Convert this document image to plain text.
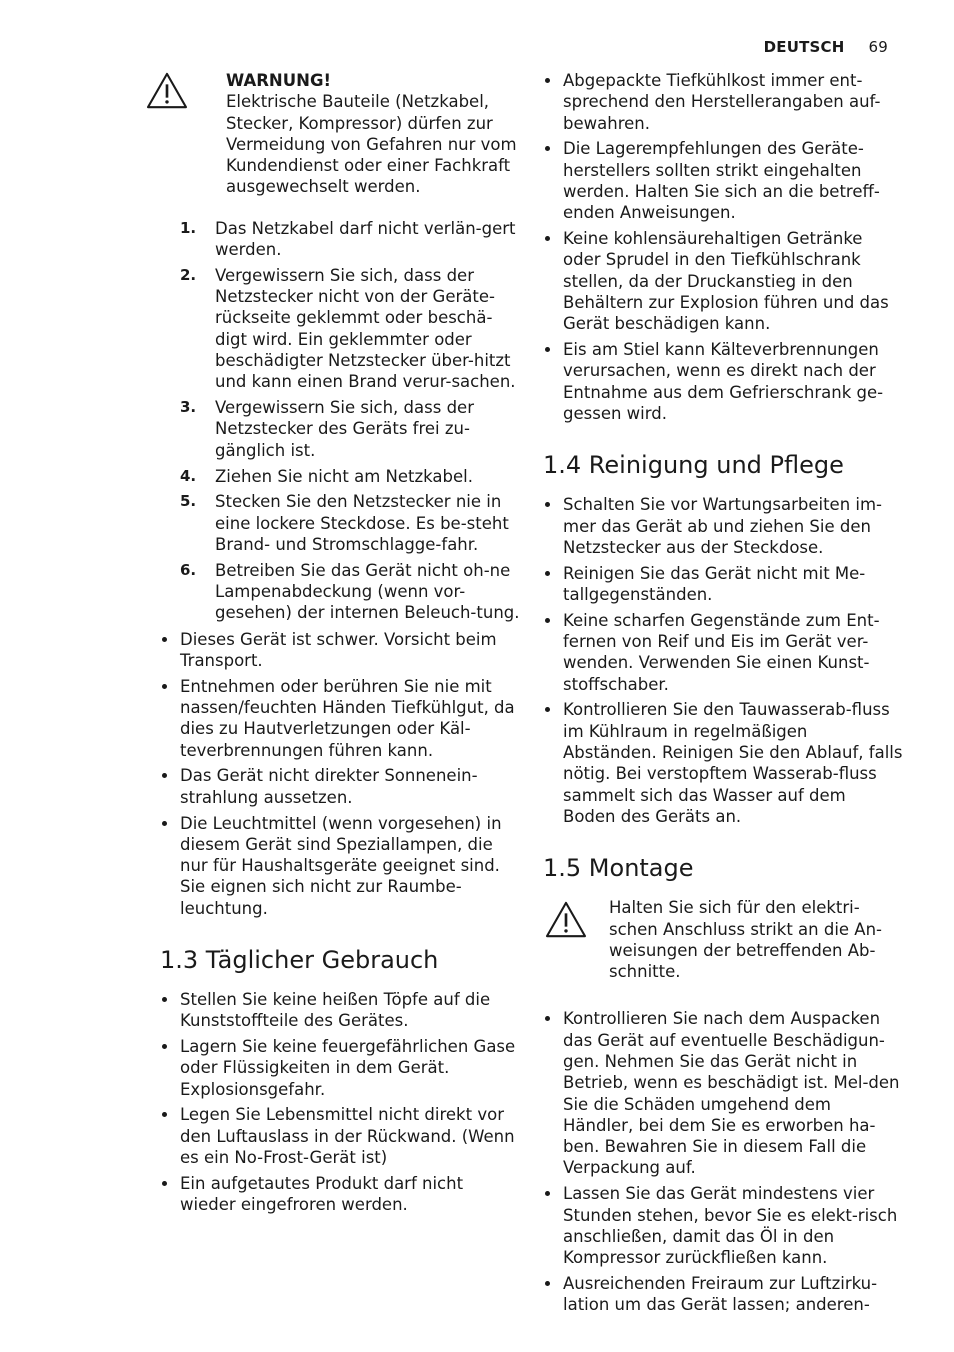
DEUTSCH 69
WARNUNG!
Elektrische Bauteile (Netzkabel, Stecker, Kompressor) dürfen zur Vermeidung von Gefahren nur vom Kundendienst oder einer Fachkraft ausgewechselt werden.
1. Das Netzkabel darf nicht verlän-gert werden.
2. Vergewissern Sie sich, dass der Netzstecker nicht von der Geräte-rückseite geklemmt oder beschä-digt wird. Ein geklemmter oder beschädigter Netzstecker über-hitzt und kann einen Brand verur-sachen.
3. Vergewissern Sie sich, dass der Netzstecker des Geräts frei zu-gänglich ist.
4. Ziehen Sie nicht am Netzkabel.
5. Stecken Sie den Netzstecker nie in eine lockere Steckdose. Es be-steht Brand- und Stromschlagge-fahr.
6. Betreiben Sie das Gerät nicht oh-ne Lampenabdeckung (wenn vor-gesehen) der internen Beleuch-tung.
Dieses Gerät ist schwer. Vorsicht beim Transport.
Entnehmen oder berühren Sie nie mit nassen/feuchten Händen Tiefkühlgut, da dies zu Hautverletzungen oder Käl-teverbrennungen führen kann.
Das Gerät nicht direkter Sonnenein-strahlung aussetzen.
Die Leuchtmittel (wenn vorgesehen) in diesem Gerät sind Speziallampen, die nur für Haushaltsgeräte geeignet sind. Sie eignen sich nicht zur Raumbe-leuchtung.
1.3 Täglicher Gebrauch
Stellen Sie keine heißen Töpfe auf die Kunststoffteile des Gerätes.
Lagern Sie keine feuergefährlichen Gase oder Flüssigkeiten in dem Gerät. Explosionsgefahr.
Legen Sie Lebensmittel nicht direkt vor den Luftauslass in der Rückwand. (Wenn es ein No-Frost-Gerät ist)
Ein aufgetautes Produkt darf nicht wieder eingefroren werden.
Abgepackte Tiefkühlkost immer ent-sprechend den Herstellerangaben auf-bewahren.
Die Lagerempfehlungen des Geräte-herstellers sollten strikt eingehalten werden. Halten Sie sich an die betreff-enden Anweisungen.
Keine kohlensäurehaltigen Getränke oder Sprudel in den Tiefkühlschrank stellen, da der Druckanstieg in den Behältern zur Explosion führen und das Gerät beschädigen kann.
Eis am Stiel kann Kälteverbrennungen verursachen, wenn es direkt nach der Entnahme aus dem Gefrierschrank ge-gessen wird.
1.4 Reinigung und Pflege
Schalten Sie vor Wartungsarbeiten im-mer das Gerät ab und ziehen Sie den Netzstecker aus der Steckdose.
Reinigen Sie das Gerät nicht mit Me-tallgegenständen.
Keine scharfen Gegenstände zum Ent-fernen von Reif und Eis im Gerät ver-wenden. Verwenden Sie einen Kunst-stoffschaber.
Kontrollieren Sie den Tauwasserab-fluss im Kühlraum in regelmäßigen Abständen. Reinigen Sie den Ablauf, falls nötig. Bei verstopftem Wasserab-fluss sammelt sich das Wasser auf dem Boden des Geräts an.
1.5 Montage
Halten Sie sich für den elektri-schen Anschluss strikt an die An-weisungen der betreffenden Ab-schnitte.
Kontrollieren Sie nach dem Auspacken das Gerät auf eventuelle Beschädigun-gen. Nehmen Sie das Gerät nicht in Betrieb, wenn es beschädigt ist. Mel-den Sie die Schäden umgehend dem Händler, bei dem Sie es erworben ha-ben. Bewahren Sie in diesem Fall die Verpackung auf.
Lassen Sie das Gerät mindestens vier Stunden stehen, bevor Sie es elekt-risch anschließen, damit das Öl in den Kompressor zurückfließen kann.
Ausreichenden Freiraum zur Luftzirku-lation um das Gerät lassen; anderen-
